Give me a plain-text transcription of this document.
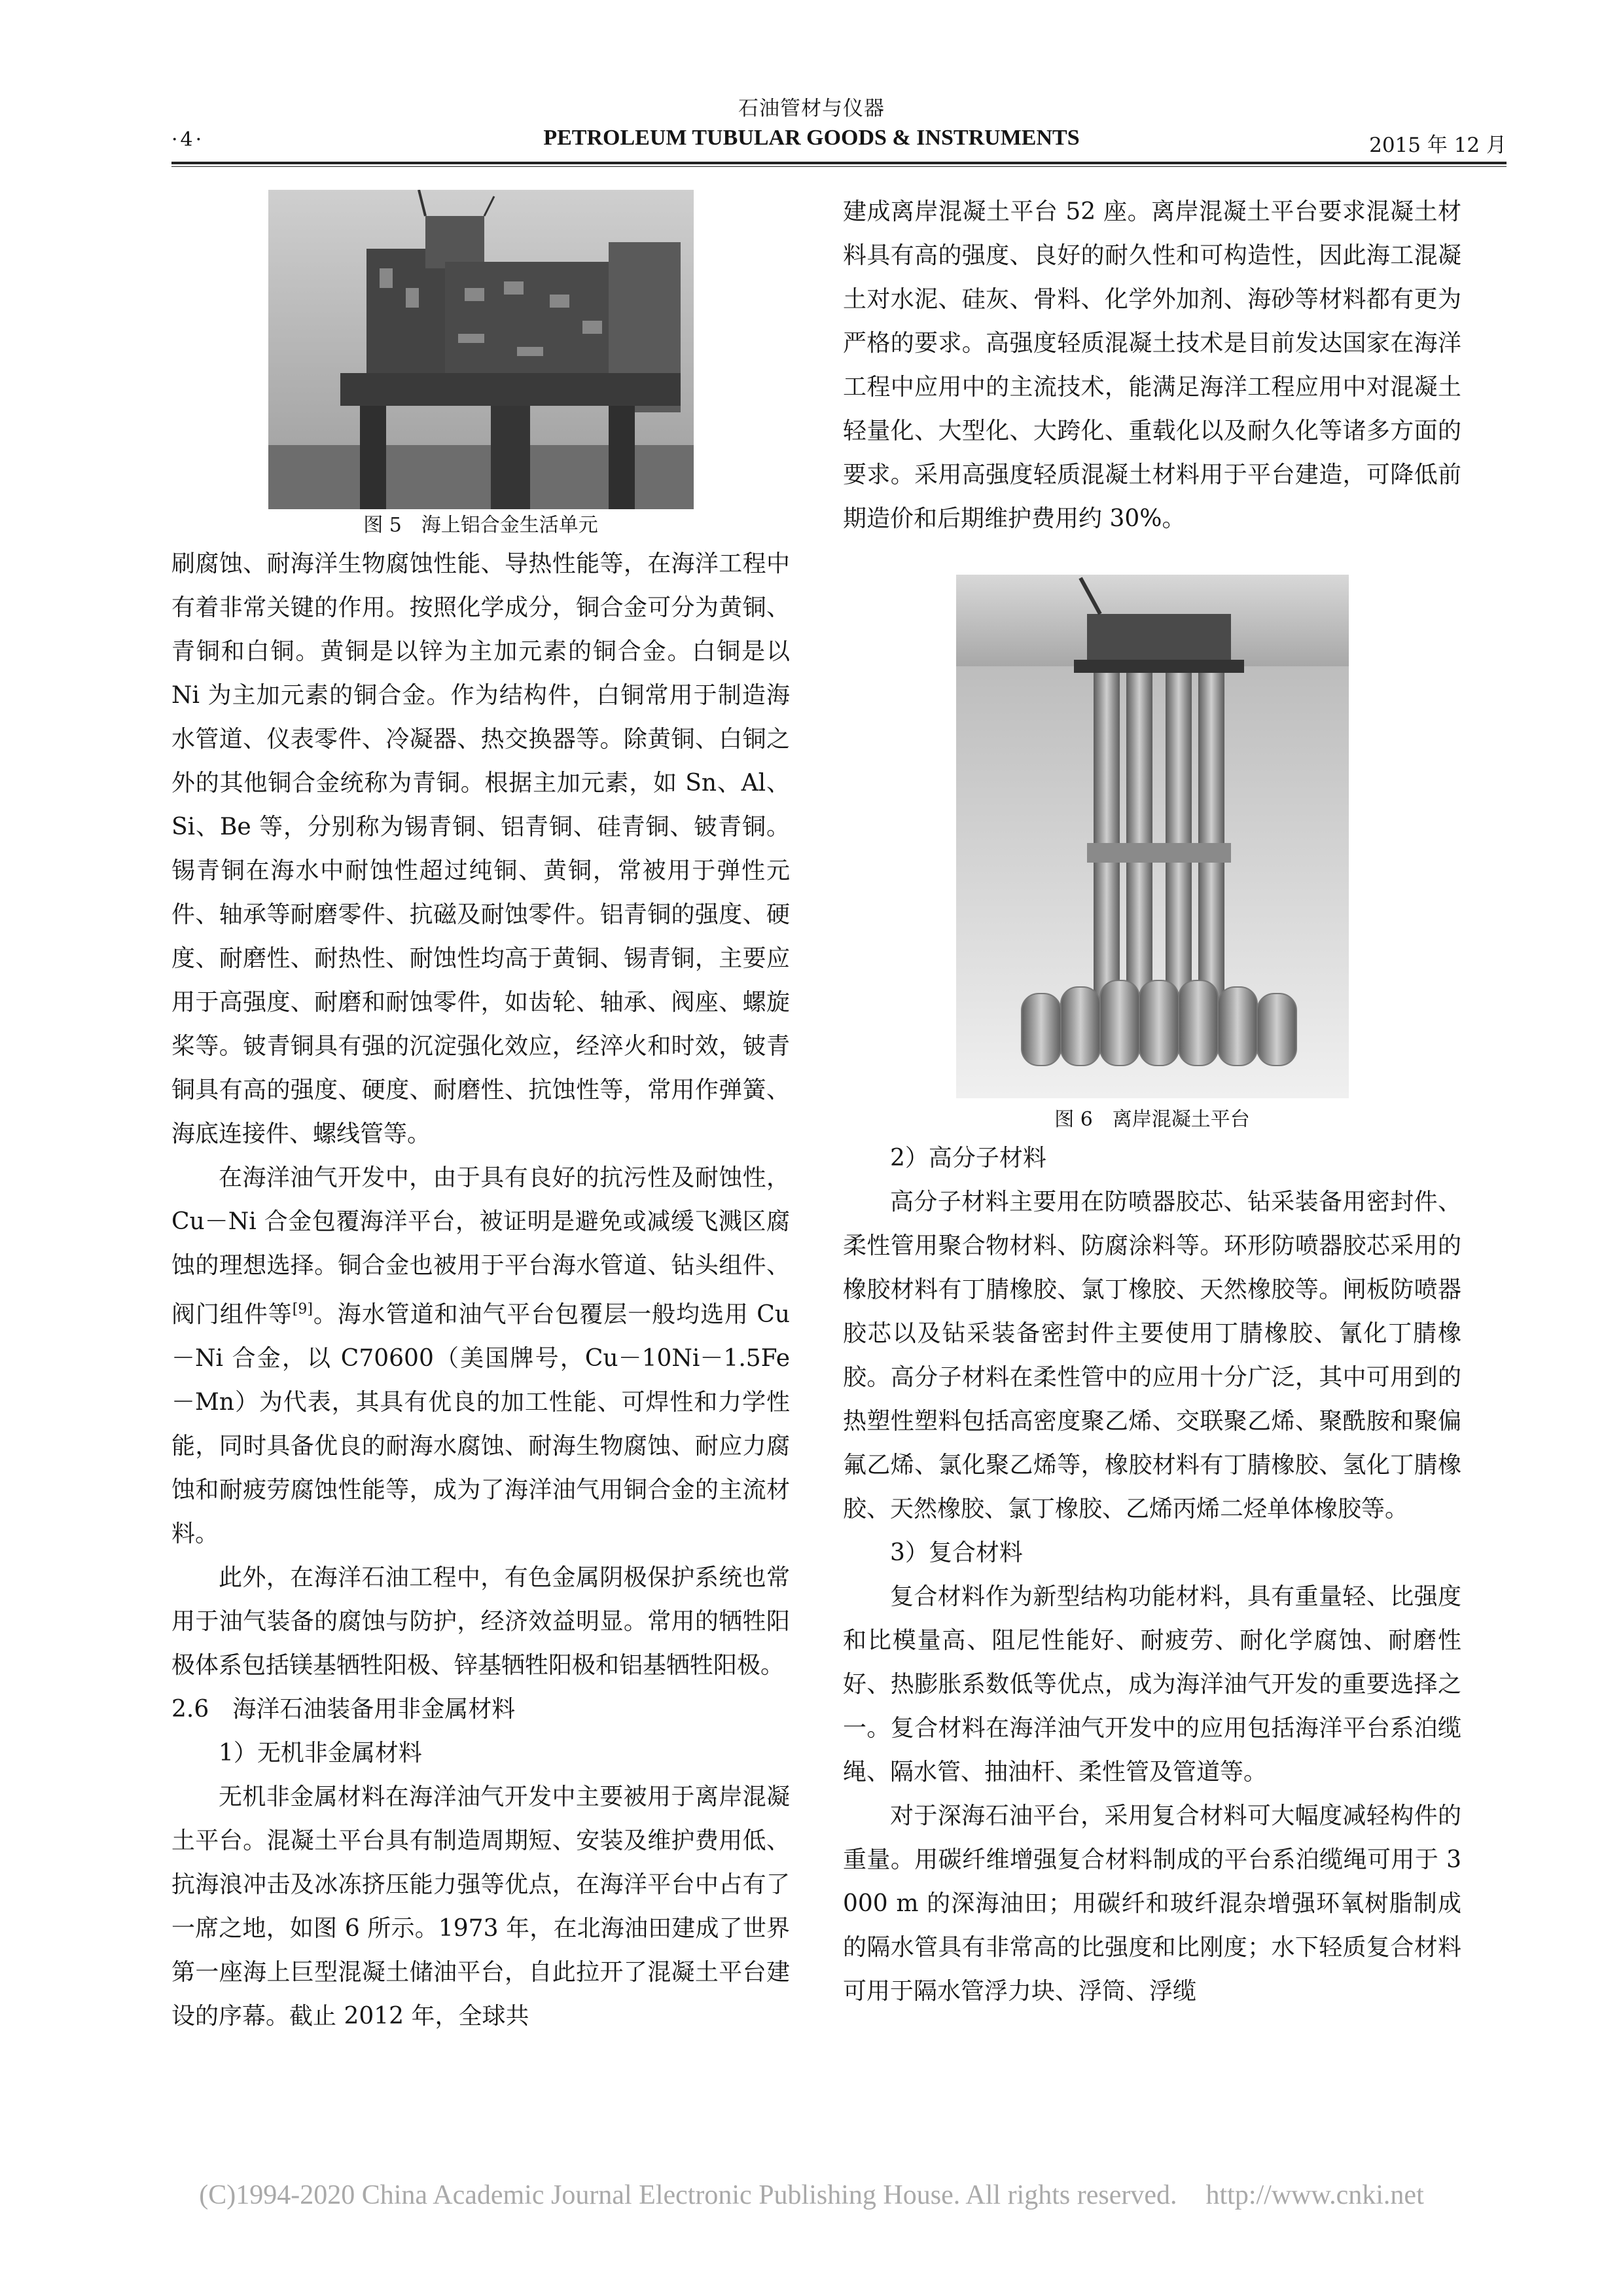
石油管材与仪器
·4·	PETROLEUM TUBULAR GOODS & INSTRUMENTS	2015 年 12 月
图 5　海上铝合金生活单元

刷腐蚀、耐海洋生物腐蚀性能、导热性能等，在海洋工程中有着非常关键的作用。按照化学成分，铜合金可分为黄铜、青铜和白铜。黄铜是以锌为主加元素的铜合金。白铜是以 Ni 为主加元素的铜合金。作为结构件，白铜常用于制造海水管道、仪表零件、冷凝器、热交换器等。除黄铜、白铜之外的其他铜合金统称为青铜。根据主加元素，如 Sn、Al、Si、Be 等，分别称为锡青铜、铝青铜、硅青铜、铍青铜。锡青铜在海水中耐蚀性超过纯铜、黄铜，常被用于弹性元件、轴承等耐磨零件、抗磁及耐蚀零件。铝青铜的强度、硬度、耐磨性、耐热性、耐蚀性均高于黄铜、锡青铜，主要应用于高强度、耐磨和耐蚀零件，如齿轮、轴承、阀座、螺旋桨等。铍青铜具有强的沉淀强化效应，经淬火和时效，铍青铜具有高的强度、硬度、耐磨性、抗蚀性等，常用作弹簧、海底连接件、螺线管等。

在海洋油气开发中，由于具有良好的抗污性及耐蚀性，Cu－Ni 合金包覆海洋平台，被证明是避免或减缓飞溅区腐蚀的理想选择。铜合金也被用于平台海水管道、钻头组件、阀门组件等[9]。海水管道和油气平台包覆层一般均选用 Cu－Ni 合金，以 C70600（美国牌号，Cu－10Ni－1.5Fe－Mn）为代表，其具有优良的加工性能、可焊性和力学性能，同时具备优良的耐海水腐蚀、耐海生物腐蚀、耐应力腐蚀和耐疲劳腐蚀性能等，成为了海洋油气用铜合金的主流材料。

此外，在海洋石油工程中，有色金属阴极保护系统也常用于油气装备的腐蚀与防护，经济效益明显。常用的牺牲阳极体系包括镁基牺牲阳极、锌基牺牲阳极和铝基牺牲阳极。

2.6　海洋石油装备用非金属材料

1）无机非金属材料

无机非金属材料在海洋油气开发中主要被用于离岸混凝土平台。混凝土平台具有制造周期短、安装及维护费用低、抗海浪冲击及冰冻挤压能力强等优点，在海洋平台中占有了一席之地，如图 6 所示。1973 年，在北海油田建成了世界第一座海上巨型混凝土储油平台，自此拉开了混凝土平台建设的序幕。截止 2012 年，全球共

建成离岸混凝土平台 52 座。离岸混凝土平台要求混凝土材料具有高的强度、良好的耐久性和可构造性，因此海工混凝土对水泥、硅灰、骨料、化学外加剂、海砂等材料都有更为严格的要求。高强度轻质混凝土技术是目前发达国家在海洋工程中应用中的主流技术，能满足海洋工程应用中对混凝土轻量化、大型化、大跨化、重载化以及耐久化等诸多方面的要求。采用高强度轻质混凝土材料用于平台建造，可降低前期造价和后期维护费用约 30%。

图 6　离岸混凝土平台

2）高分子材料

高分子材料主要用在防喷器胶芯、钻采装备用密封件、柔性管用聚合物材料、防腐涂料等。环形防喷器胶芯采用的橡胶材料有丁腈橡胶、氯丁橡胶、天然橡胶等。闸板防喷器胶芯以及钻采装备密封件主要使用丁腈橡胶、氰化丁腈橡胶。高分子材料在柔性管中的应用十分广泛，其中可用到的热塑性塑料包括高密度聚乙烯、交联聚乙烯、聚酰胺和聚偏氟乙烯、氯化聚乙烯等，橡胶材料有丁腈橡胶、氢化丁腈橡胶、天然橡胶、氯丁橡胶、乙烯丙烯二烃单体橡胶等。

3）复合材料

复合材料作为新型结构功能材料，具有重量轻、比强度和比模量高、阻尼性能好、耐疲劳、耐化学腐蚀、耐磨性好、热膨胀系数低等优点，成为海洋油气开发的重要选择之一。复合材料在海洋油气开发中的应用包括海洋平台系泊缆绳、隔水管、抽油杆、柔性管及管道等。

对于深海石油平台，采用复合材料可大幅度减轻构件的重量。用碳纤维增强复合材料制成的平台系泊缆绳可用于 3 000 m 的深海油田；用碳纤和玻纤混杂增强环氧树脂制成的隔水管具有非常高的比强度和比刚度；水下轻质复合材料可用于隔水管浮力块、浮筒、浮缆

(C)1994-2020 China Academic Journal Electronic Publishing House. All rights reserved. http://www.cnki.net
